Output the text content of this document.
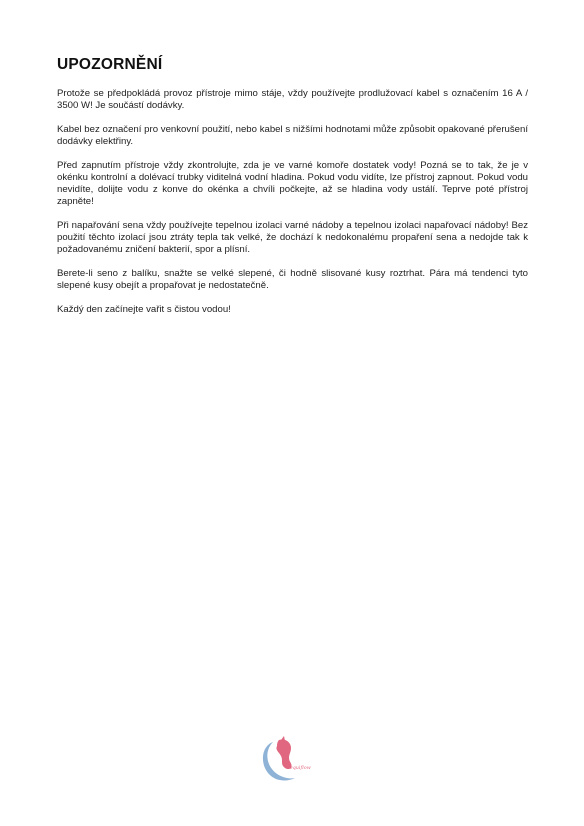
UPOZORNĚNÍ

Protože se předpokládá provoz přístroje mimo stáje, vždy používejte prodlužovací kabel s označením 16 A / 3500 W! Je součástí dodávky.

Kabel bez označení pro venkovní použití, nebo kabel s nižšími hodnotami může způsobit opakované přerušení dodávky elektřiny.

Před zapnutím přístroje vždy zkontrolujte, zda je ve varné komoře dostatek vody! Pozná se to tak, že je v okénku kontrolní a dolévací trubky viditelná vodní hladina. Pokud vodu vidíte, lze přístroj zapnout. Pokud vodu nevidíte, dolijte vodu z konve do okénka a chvíli počkejte, až se hladina vody ustálí. Teprve poté přístroj zapněte!

Při napařování sena vždy používejte tepelnou izolaci varné nádoby a tepelnou izolaci napařovací nádoby! Bez použití těchto izolací jsou ztráty tepla tak velké, že dochází k nedokonalému propaření sena a nedojde tak k požadovanému zničení bakterií, spor a plísní.

Berete-li seno z balíku, snažte se velké slepené, či hodně slisované kusy roztrhat. Pára má tendenci tyto slepené kusy obejít a propařovat je nedostatečně.

Každý den začínejte vařit s čistou vodou!

equiflow
